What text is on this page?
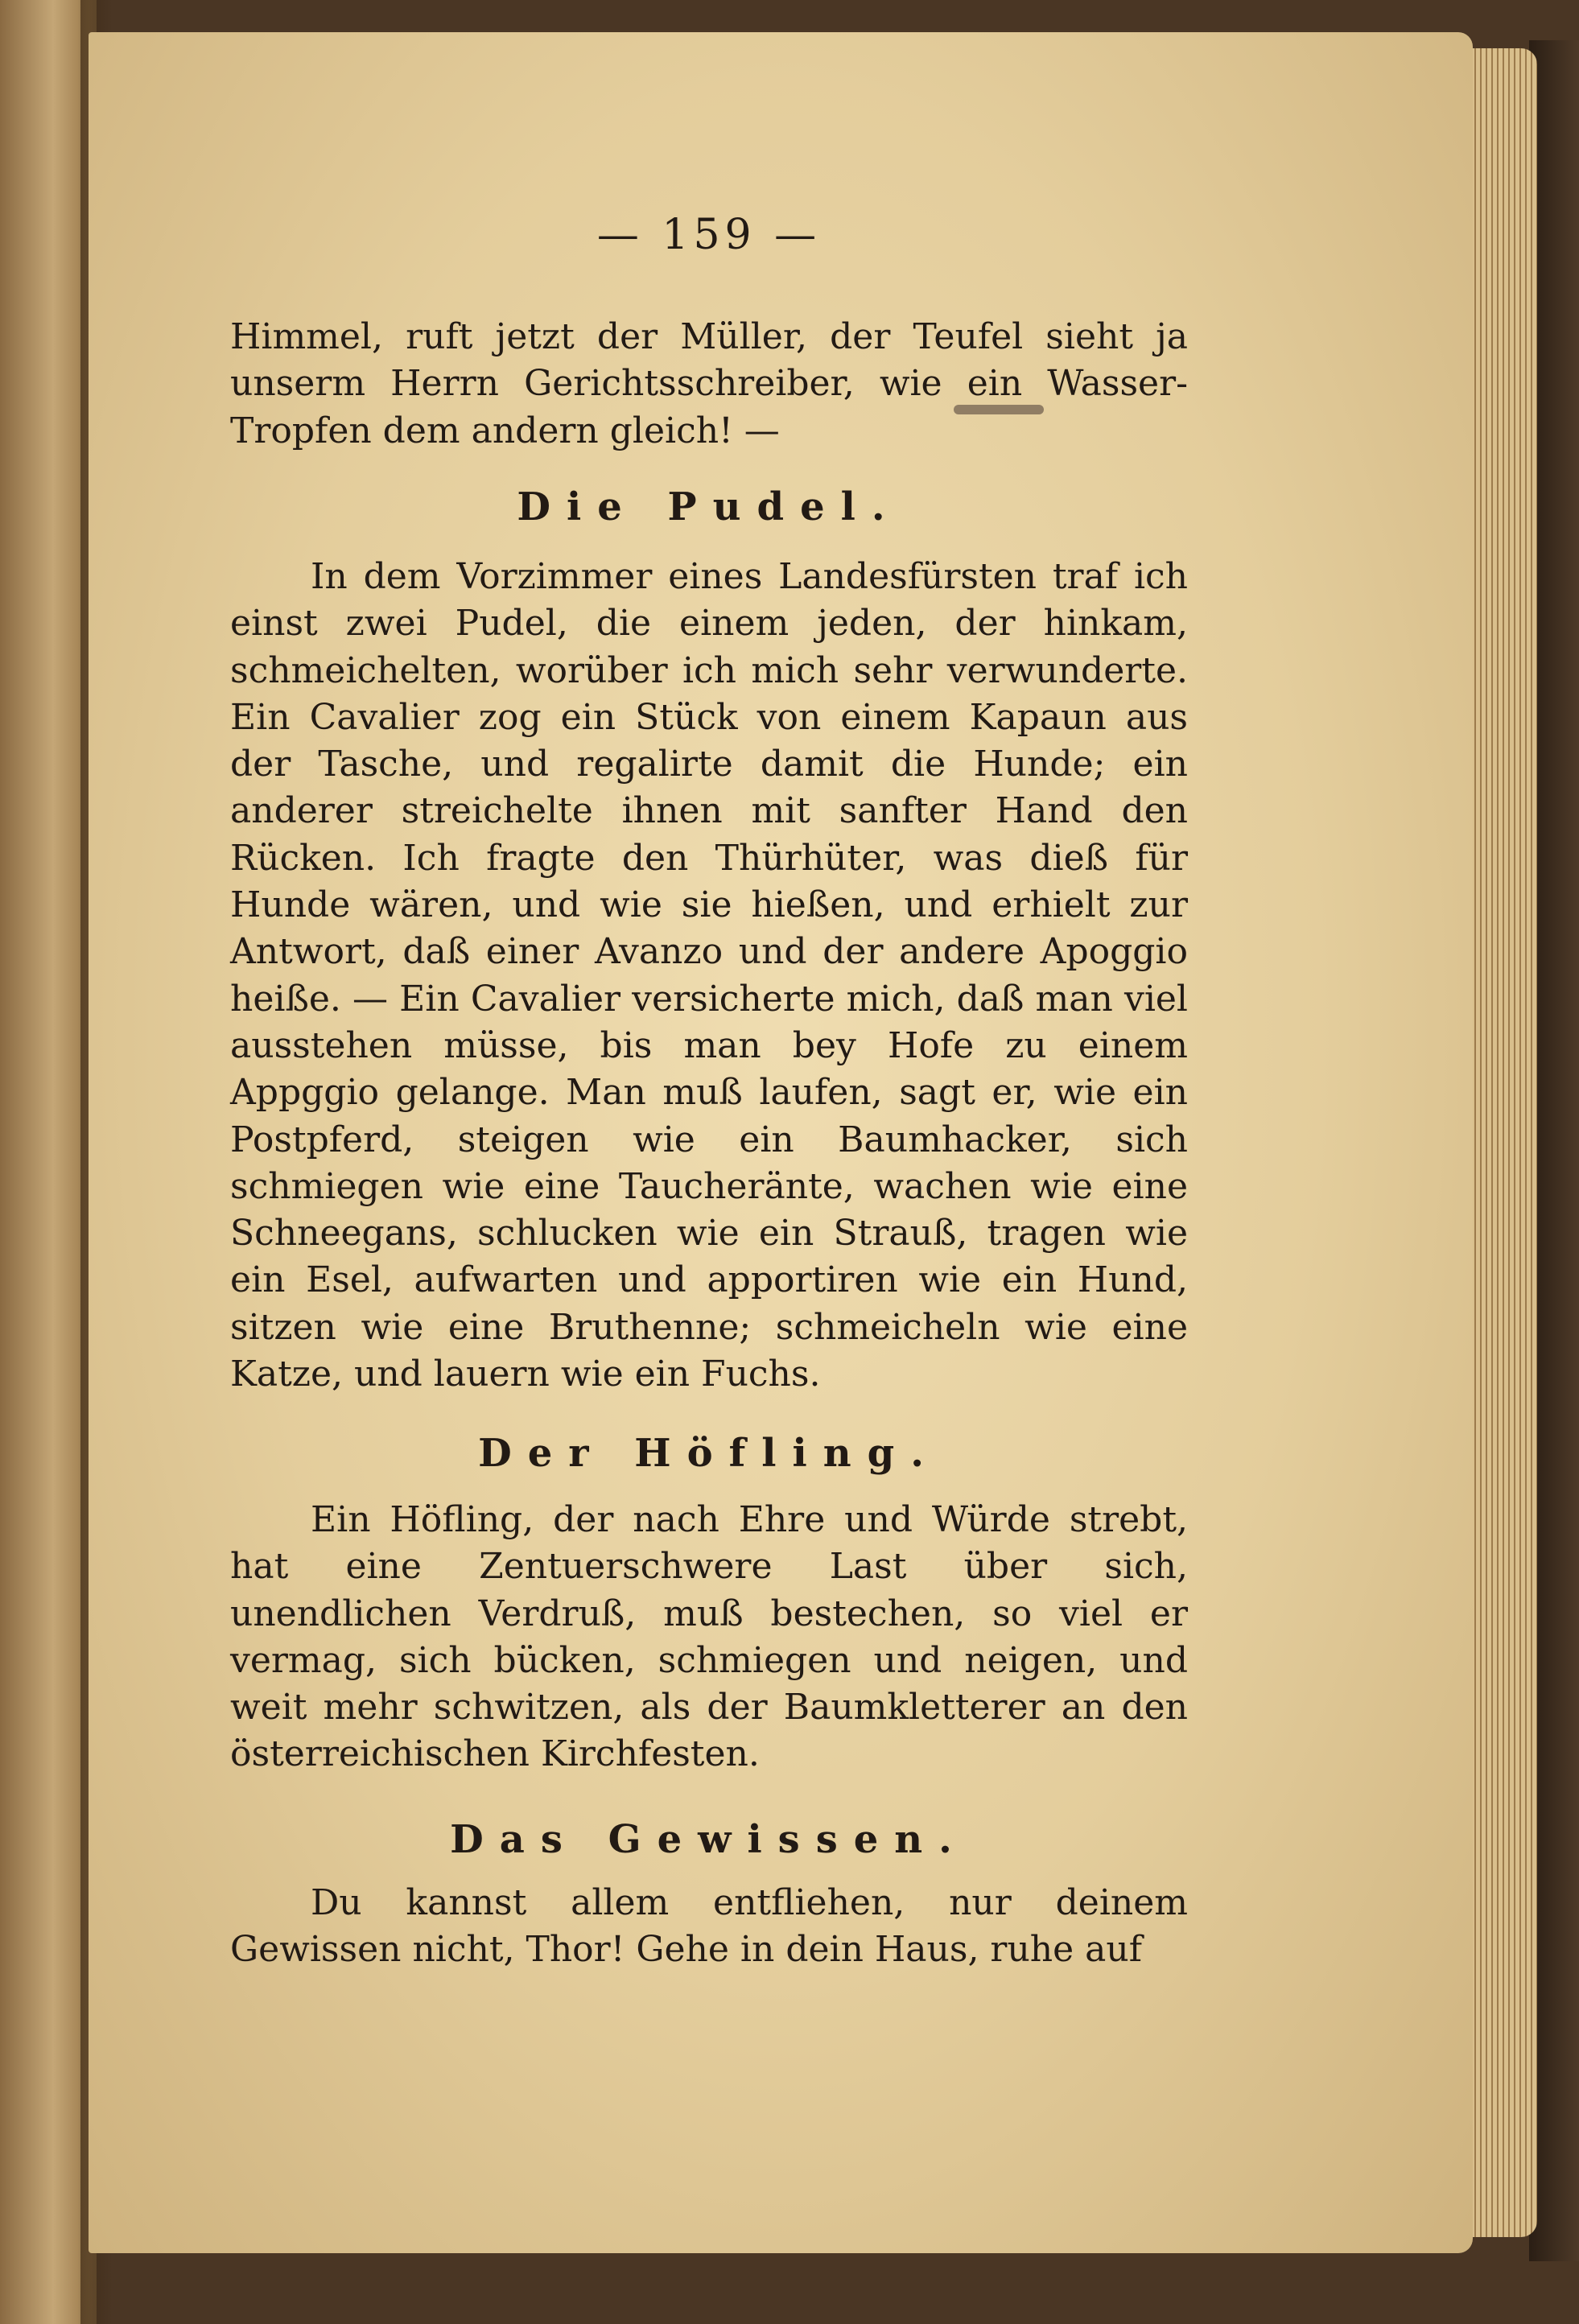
— 159 —

Himmel, ruft jetzt der Müller, der Teufel sieht ja unserm Herrn Gerichtsschreiber, wie ein Wasser-Tropfen dem andern gleich! —

Die Pudel.

In dem Vorzimmer eines Landesfürsten traf ich einst zwei Pudel, die einem jeden, der hinkam, schmeichelten, worüber ich mich sehr verwunderte. Ein Cavalier zog ein Stück von einem Kapaun aus der Tasche, und regalirte damit die Hunde; ein anderer streichelte ihnen mit sanfter Hand den Rücken. Ich fragte den Thürhüter, was dieß für Hunde wären, und wie sie hießen, und erhielt zur Antwort, daß einer Avanzo und der andere Apoggio heiße. — Ein Cavalier versicherte mich, daß man viel ausstehen müsse, bis man bey Hofe zu einem Appggio gelange. Man muß laufen, sagt er, wie ein Postpferd, steigen wie ein Baumhacker, sich schmiegen wie eine Taucheränte, wachen wie eine Schneegans, schlucken wie ein Strauß, tragen wie ein Esel, aufwarten und apportiren wie ein Hund, sitzen wie eine Bruthenne; schmeicheln wie eine Katze, und lauern wie ein Fuchs.

Der Höfling.

Ein Höfling, der nach Ehre und Würde strebt, hat eine Zentuerschwere Last über sich, unendlichen Verdruß, muß bestechen, so viel er vermag, sich bücken, schmiegen und neigen, und weit mehr schwitzen, als der Baumkletterer an den österreichischen Kirchfesten.

Das Gewissen.

Du kannst allem entfliehen, nur deinem Gewissen nicht, Thor! Gehe in dein Haus, ruhe auf
